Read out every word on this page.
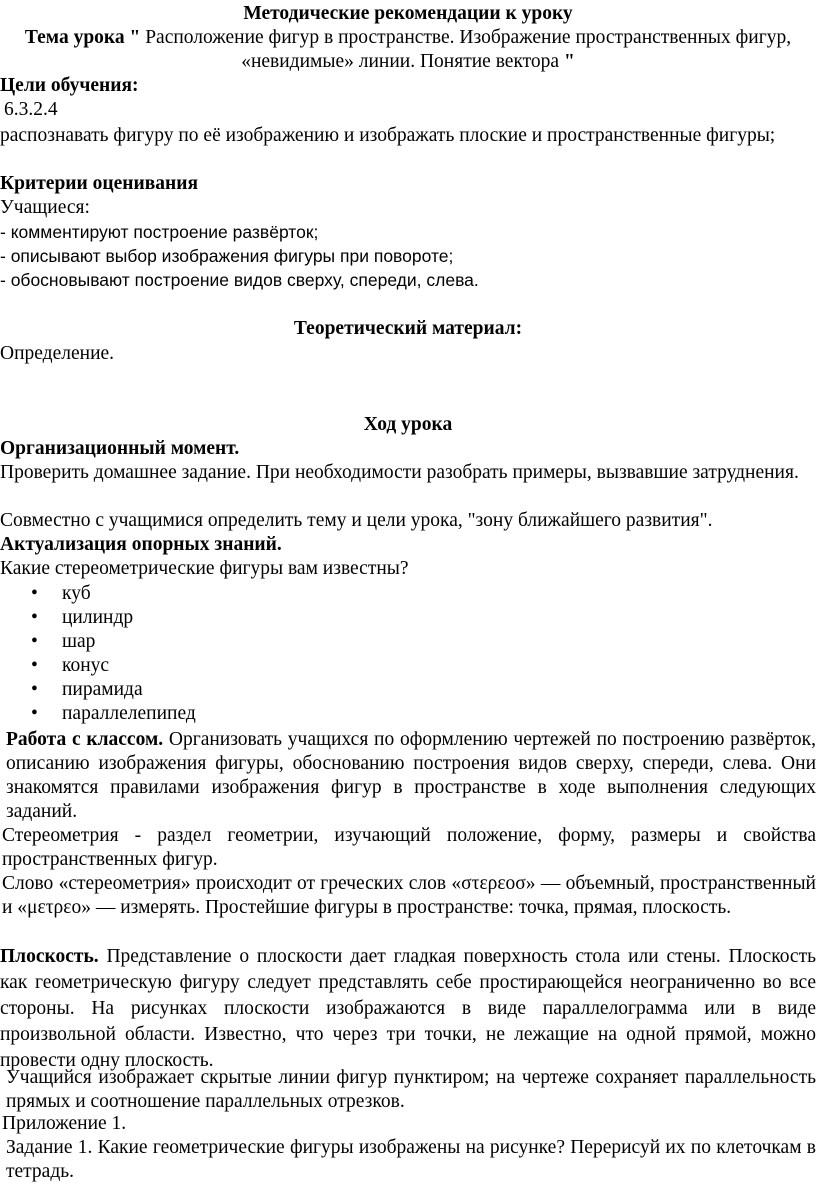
Методические рекомендации к уроку

Тема урока " Расположение фигур в пространстве. Изображение пространственных фигур, «невидимые» линии. Понятие вектора "

Цели обучения:

6.3.2.4

распознавать фигуру по её изображению и изображать плоские и пространственные фигуры;

Критерии оценивания

Учащиеся:

- комментируют построение развёрток;

- описывают выбор изображения фигуры при повороте;

- обосновывают построение видов сверху, спереди, слева.

Теоретический материал:

Определение.

Ход урока

Организационный момент.

Проверить домашнее задание. При необходимости разобрать примеры, вызвавшие затруднения.

Совместно с учащимися определить тему и цели урока, "зону ближайшего развития".

Актуализация опорных знаний.

Какие стереометрические фигуры вам известны?

• куб
• цилиндр
• шар
• конус
• пирамида
• параллелепипед

Работа с классом. Организовать учащихся по оформлению чертежей по построению развёрток, описанию изображения фигуры, обоснованию построения видов сверху, спереди, слева. Они знакомятся правилами изображения фигур в пространстве в ходе выполнения следующих заданий.

Стереометрия - раздел геометрии, изучающий положение, форму, размеры и свойства пространственных фигур.

Слово «стереометрия» происходит от греческих слов «στερεοσ» — объемный, пространственный и «μετρεο» — измерять. Простейшие фигуры в пространстве: точка, прямая, плоскость.

Плоскость. Представление о плоскости дает гладкая поверхность стола или стены. Плоскость как геометрическую фигуру следует представлять себе простирающейся неограниченно во все стороны. На рисунках плоскости изображаются в виде параллелограмма или в виде произвольной области. Известно, что через три точки, не лежащие на одной прямой, можно провести одну плоскость.

Учащийся изображает скрытые линии фигур пунктиром; на чертеже сохраняет параллельность прямых и соотношение параллельных отрезков.

Приложение 1.

Задание 1. Какие геометрические фигуры изображены на рисунке? Перерисуй их по клеточкам в тетрадь.
